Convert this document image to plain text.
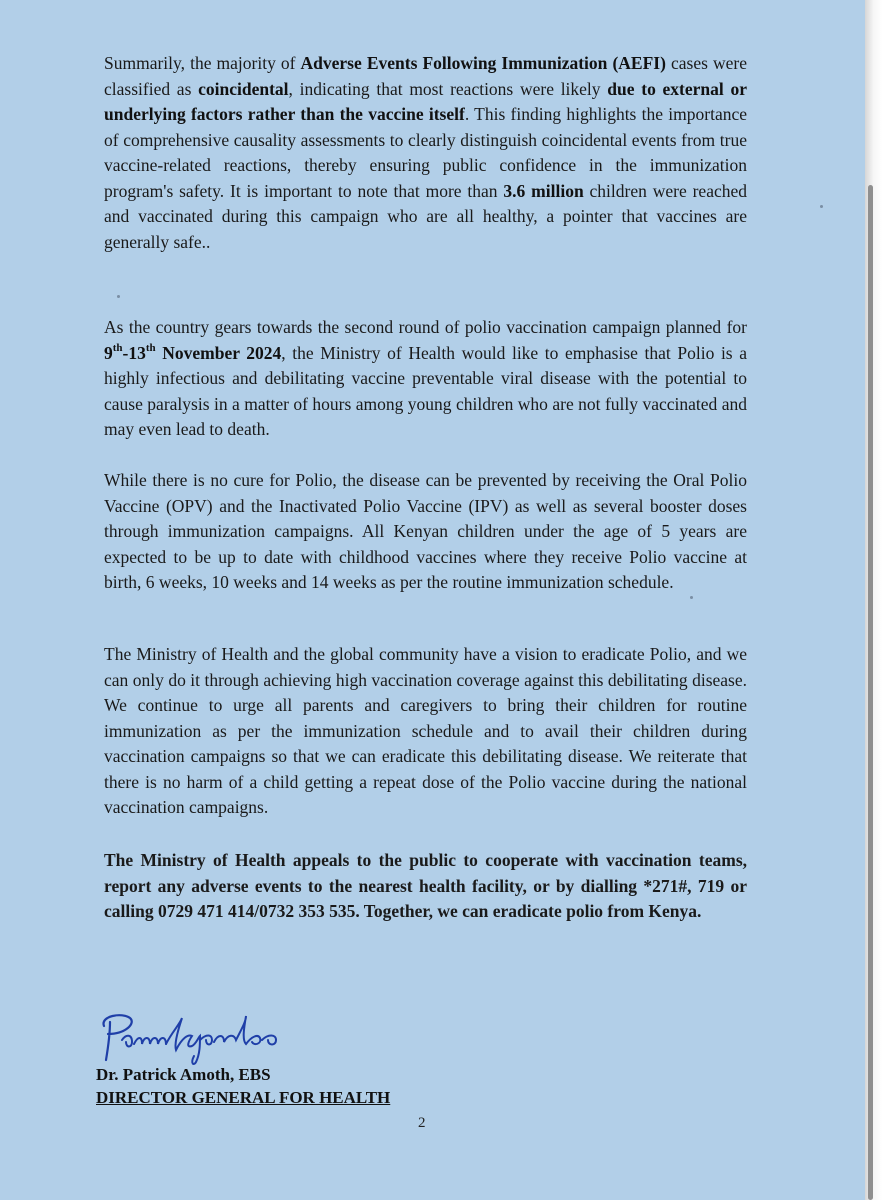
Summarily, the majority of Adverse Events Following Immunization (AEFI) cases were classified as coincidental, indicating that most reactions were likely due to external or underlying factors rather than the vaccine itself. This finding highlights the importance of comprehensive causality assessments to clearly distinguish coincidental events from true vaccine-related reactions, thereby ensuring public confidence in the immunization program's safety. It is important to note that more than 3.6 million children were reached and vaccinated during this campaign who are all healthy, a pointer that vaccines are generally safe..
As the country gears towards the second round of polio vaccination campaign planned for 9th-13th November 2024, the Ministry of Health would like to emphasise that Polio is a highly infectious and debilitating vaccine preventable viral disease with the potential to cause paralysis in a matter of hours among young children who are not fully vaccinated and may even lead to death.
While there is no cure for Polio, the disease can be prevented by receiving the Oral Polio Vaccine (OPV) and the Inactivated Polio Vaccine (IPV) as well as several booster doses through immunization campaigns. All Kenyan children under the age of 5 years are expected to be up to date with childhood vaccines where they receive Polio vaccine at birth, 6 weeks, 10 weeks and 14 weeks as per the routine immunization schedule.
The Ministry of Health and the global community have a vision to eradicate Polio, and we can only do it through achieving high vaccination coverage against this debilitating disease. We continue to urge all parents and caregivers to bring their children for routine immunization as per the immunization schedule and to avail their children during vaccination campaigns so that we can eradicate this debilitating disease. We reiterate that there is no harm of a child getting a repeat dose of the Polio vaccine during the national vaccination campaigns.
The Ministry of Health appeals to the public to cooperate with vaccination teams, report any adverse events to the nearest health facility, or by dialling *271#, 719 or calling 0729 471 414/0732 353 535. Together, we can eradicate polio from Kenya.
Dr. Patrick Amoth, EBS
DIRECTOR GENERAL FOR HEALTH
2
